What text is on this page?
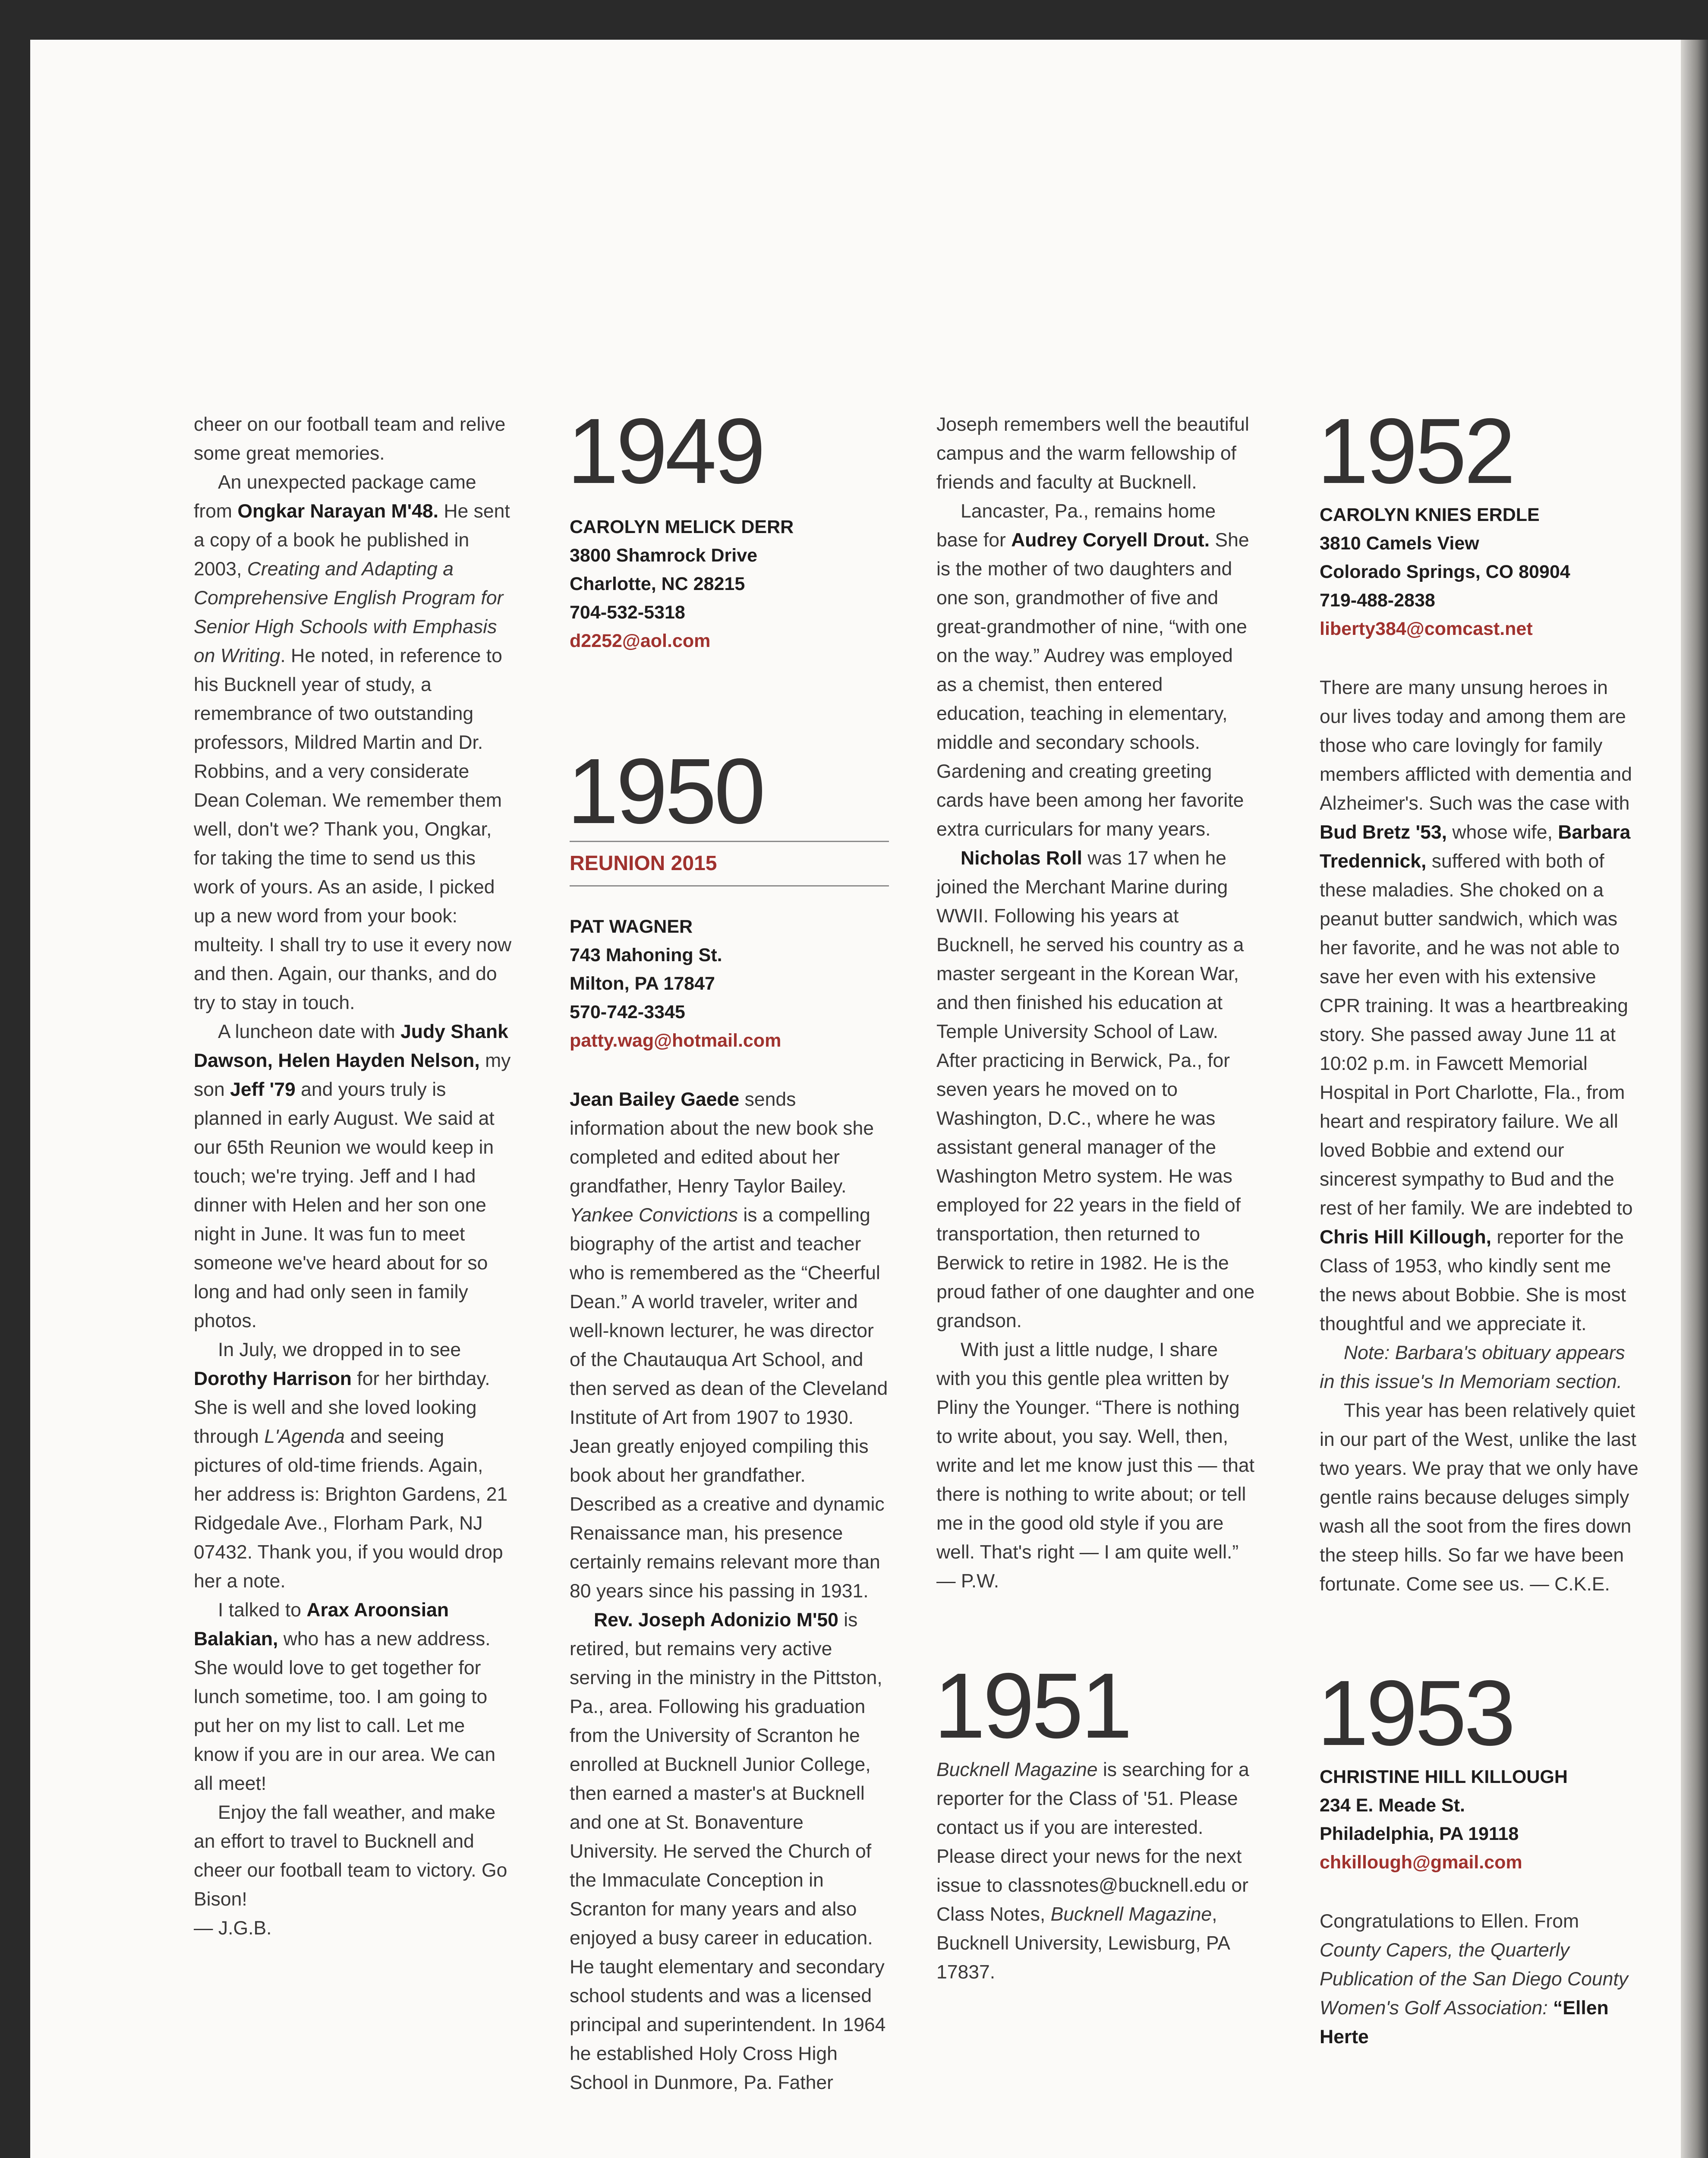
cheer on our football team and relive some great memories.

An unexpected package came from Ongkar Narayan M'48. He sent a copy of a book he published in 2003, Creating and Adapting a Comprehensive English Program for Senior High Schools with Emphasis on Writing. He noted, in reference to his Bucknell year of study, a remembrance of two outstanding professors, Mildred Martin and Dr. Robbins, and a very considerate Dean Coleman. We remember them well, don't we? Thank you, Ongkar, for taking the time to send us this work of yours. As an aside, I picked up a new word from your book: multeity. I shall try to use it every now and then. Again, our thanks, and do try to stay in touch.

A luncheon date with Judy Shank Dawson, Helen Hayden Nelson, my son Jeff '79 and yours truly is planned in early August. We said at our 65th Reunion we would keep in touch; we're trying. Jeff and I had dinner with Helen and her son one night in June. It was fun to meet someone we've heard about for so long and had only seen in family photos.

In July, we dropped in to see Dorothy Harrison for her birthday. She is well and she loved looking through L'Agenda and seeing pictures of old-time friends. Again, her address is: Brighton Gardens, 21 Ridgedale Ave., Florham Park, NJ 07432. Thank you, if you would drop her a note.

I talked to Arax Aroonsian Balakian, who has a new address. She would love to get together for lunch sometime, too. I am going to put her on my list to call. Let me know if you are in our area. We can all meet!

Enjoy the fall weather, and make an effort to travel to Bucknell and cheer our football team to victory. Go Bison!

— J.G.B.

1949
CAROLYN MELICK DERR
3800 Shamrock Drive
Charlotte, NC 28215
704-532-5318
d2252@aol.com
1950
REUNION 2015
PAT WAGNER
743 Mahoning St.
Milton, PA 17847
570-742-3345
patty.wag@hotmail.com

Jean Bailey Gaede sends information about the new book she completed and edited about her grandfather, Henry Taylor Bailey. Yankee Convictions is a compelling biography of the artist and teacher who is remembered as the “Cheerful Dean.” A world traveler, writer and well-known lecturer, he was director of the Chautauqua Art School, and then served as dean of the Cleveland Institute of Art from 1907 to 1930. Jean greatly enjoyed compiling this book about her grandfather. Described as a creative and dynamic Renaissance man, his presence certainly remains relevant more than 80 years since his passing in 1931.

Rev. Joseph Adonizio M'50 is retired, but remains very active serving in the ministry in the Pittston, Pa., area. Following his graduation from the University of Scranton he enrolled at Bucknell Junior College, then earned a master's at Bucknell and one at St. Bonaventure University. He served the Church of the Immaculate Conception in Scranton for many years and also enjoyed a busy career in education. He taught elementary and secondary school students and was a licensed principal and superintendent. In 1964 he established Holy Cross High School in Dunmore, Pa. Father

Joseph remembers well the beautiful campus and the warm fellowship of friends and faculty at Bucknell.

Lancaster, Pa., remains home base for Audrey Coryell Drout. She is the mother of two daughters and one son, grandmother of five and great-grandmother of nine, “with one on the way.” Audrey was employed as a chemist, then entered education, teaching in elementary, middle and secondary schools. Gardening and creating greeting cards have been among her favorite extra curriculars for many years.

Nicholas Roll was 17 when he joined the Merchant Marine during WWII. Following his years at Bucknell, he served his country as a master sergeant in the Korean War, and then finished his education at Temple University School of Law. After practicing in Berwick, Pa., for seven years he moved on to Washington, D.C., where he was assistant general manager of the Washington Metro system. He was employed for 22 years in the field of transportation, then returned to Berwick to retire in 1982. He is the proud father of one daughter and one grandson.

With just a little nudge, I share with you this gentle plea written by Pliny the Younger. “There is nothing to write about, you say. Well, then, write and let me know just this — that there is nothing to write about; or tell me in the good old style if you are well. That's right — I am quite well.” — P.W.

1951

Bucknell Magazine is searching for a reporter for the Class of '51. Please contact us if you are interested. Please direct your news for the next issue to classnotes@bucknell.edu or Class Notes, Bucknell Magazine, Bucknell University, Lewisburg, PA 17837.

1952
CAROLYN KNIES ERDLE
3810 Camels View
Colorado Springs, CO 80904
719-488-2838
liberty384@comcast.net

There are many unsung heroes in our lives today and among them are those who care lovingly for family members afflicted with dementia and Alzheimer's. Such was the case with Bud Bretz '53, whose wife, Barbara Tredennick, suffered with both of these maladies. She choked on a peanut butter sandwich, which was her favorite, and he was not able to save her even with his extensive CPR training. It was a heartbreaking story. She passed away June 11 at 10:02 p.m. in Fawcett Memorial Hospital in Port Charlotte, Fla., from heart and respiratory failure. We all loved Bobbie and extend our sincerest sympathy to Bud and the rest of her family. We are indebted to Chris Hill Killough, reporter for the Class of 1953, who kindly sent me the news about Bobbie. She is most thoughtful and we appreciate it.

Note: Barbara's obituary appears in this issue's In Memoriam section.

This year has been relatively quiet in our part of the West, unlike the last two years. We pray that we only have gentle rains because deluges simply wash all the soot from the fires down the steep hills. So far we have been fortunate. Come see us. — C.K.E.

1953
CHRISTINE HILL KILLOUGH
234 E. Meade St.
Philadelphia, PA 19118
chkillough@gmail.com

Congratulations to Ellen. From County Capers, the Quarterly Publication of the San Diego County Women's Golf Association: “Ellen Herte
